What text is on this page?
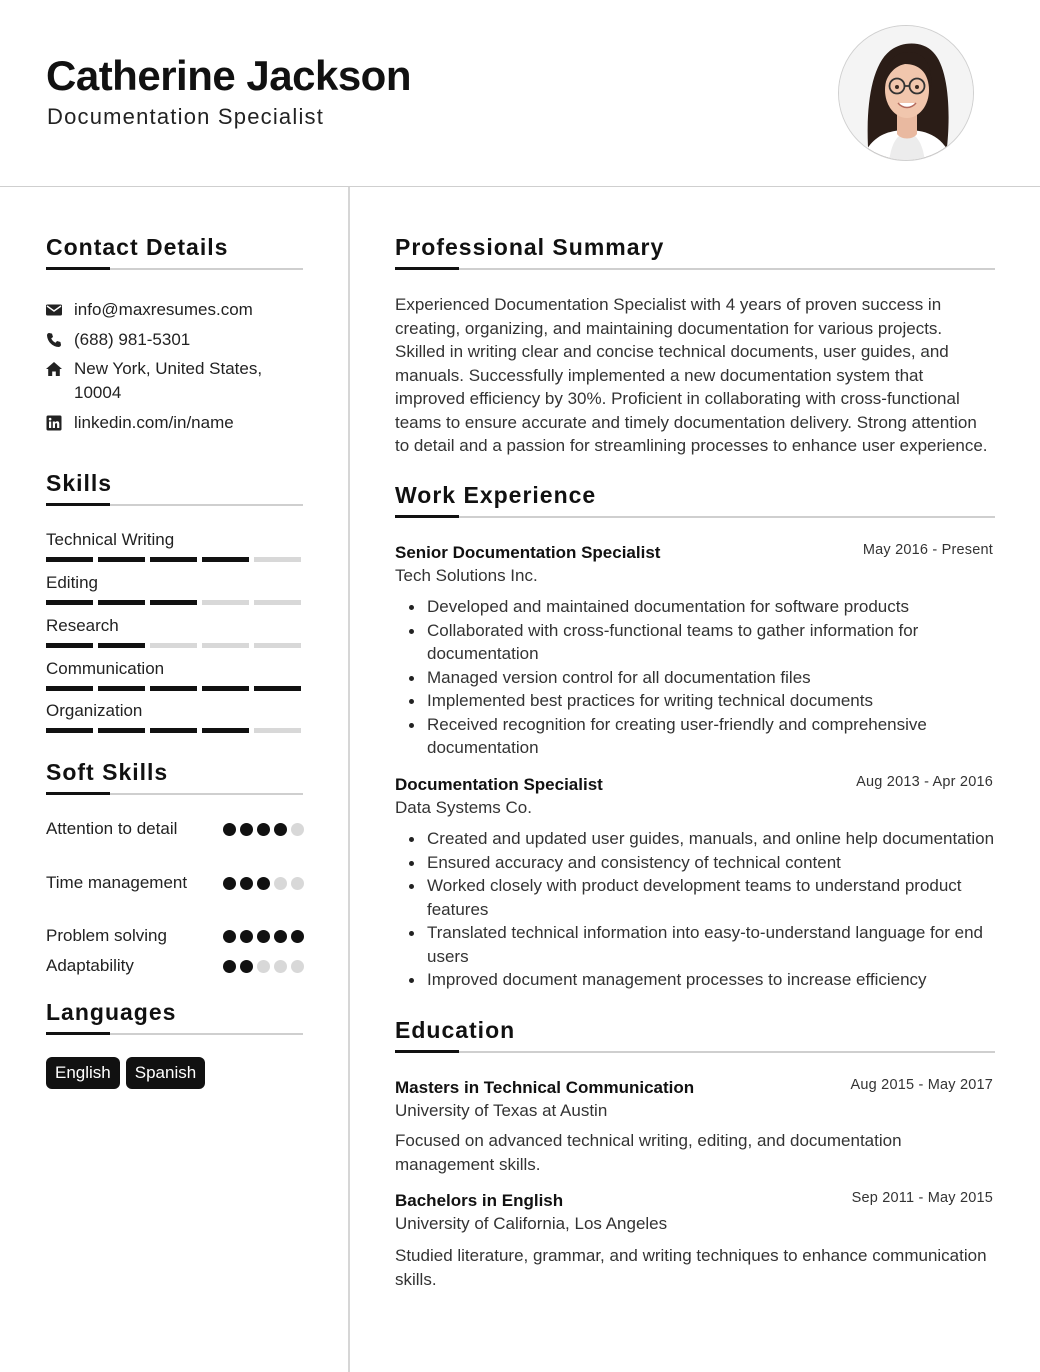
Catherine Jackson
Documentation Specialist
Contact Details
info@maxresumes.com
(688) 981-5301
New York, United States,
10004
linkedin.com/in/name
Skills
Technical Writing
Editing
Research
Communication
Organization
Soft Skills
Attention to detail
Time management
Problem solving
Adaptability
Languages
English	Spanish
Professional Summary
Experienced Documentation Specialist with 4 years of proven success in creating, organizing, and maintaining documentation for various projects. Skilled in writing clear and concise technical documents, user guides, and manuals. Successfully implemented a new documentation system that improved efficiency by 30%. Proficient in collaborating with cross-functional teams to ensure accurate and timely documentation delivery. Strong attention to detail and a passion for streamlining processes to enhance user experience.
Work Experience
Senior Documentation Specialist	May 2016 - Present
Tech Solutions Inc.
Developed and maintained documentation for software products
Collaborated with cross-functional teams to gather information for documentation
Managed version control for all documentation files
Implemented best practices for writing technical documents
Received recognition for creating user-friendly and comprehensive documentation
Documentation Specialist	Aug 2013 - Apr 2016
Data Systems Co.
Created and updated user guides, manuals, and online help documentation
Ensured accuracy and consistency of technical content
Worked closely with product development teams to understand product features
Translated technical information into easy-to-understand language for end users
Improved document management processes to increase efficiency
Education
Masters in Technical Communication	Aug 2015 - May 2017
University of Texas at Austin
Focused on advanced technical writing, editing, and documentation management skills.
Bachelors in English	Sep 2011 - May 2015
University of California, Los Angeles
Studied literature, grammar, and writing techniques to enhance communication skills.
